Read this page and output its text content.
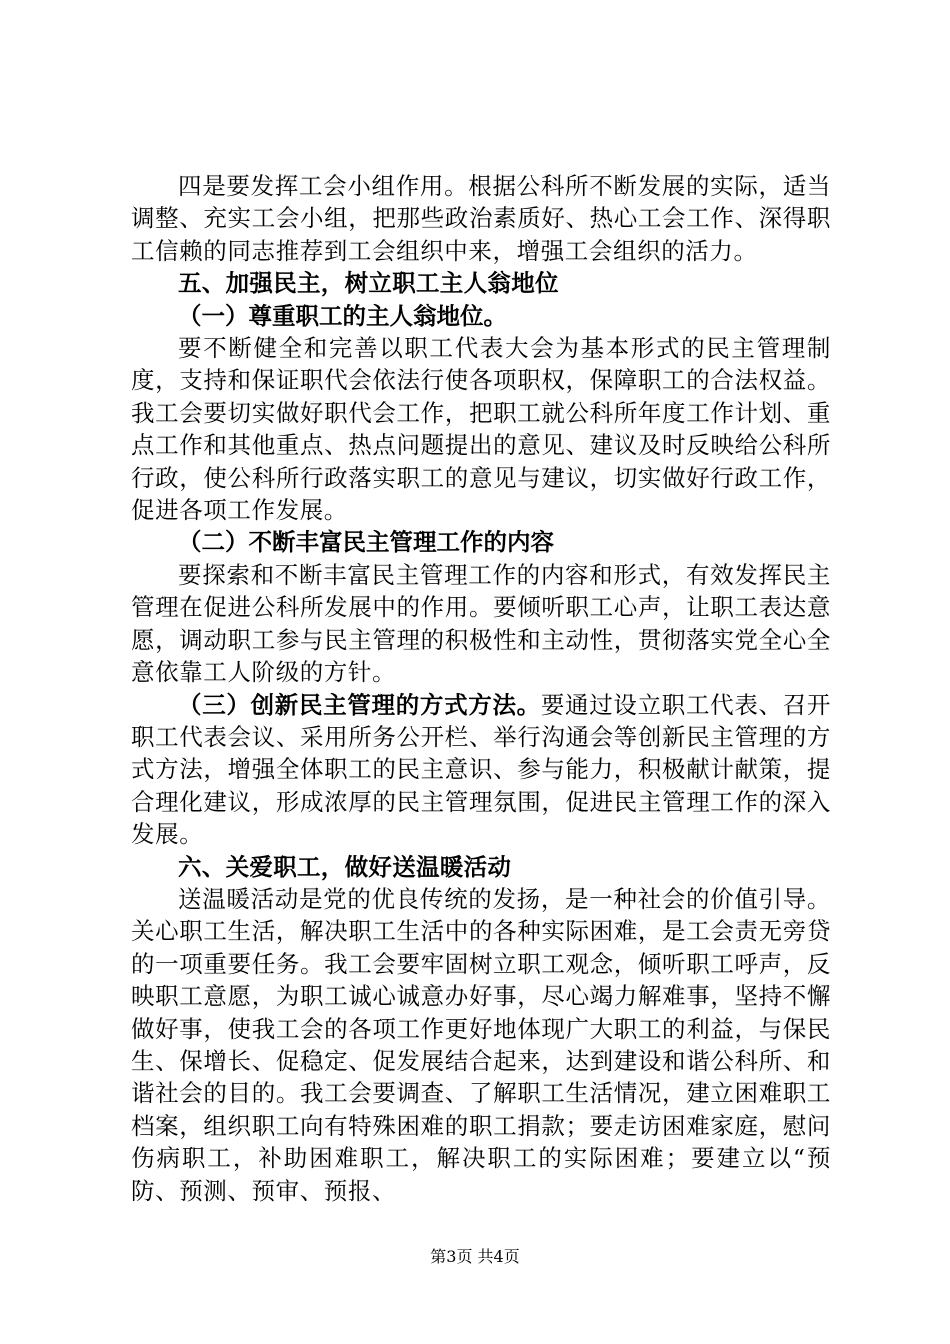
四是要发挥工会小组作用。根据公科所不断发展的实际，适当调整、充实工会小组，把那些政治素质好、热心工会工作、深得职工信赖的同志推荐到工会组织中来，增强工会组织的活力。

五、加强民主，树立职工主人翁地位

（一）尊重职工的主人翁地位。

要不断健全和完善以职工代表大会为基本形式的民主管理制度，支持和保证职代会依法行使各项职权，保障职工的合法权益。我工会要切实做好职代会工作，把职工就公科所年度工作计划、重点工作和其他重点、热点问题提出的意见、建议及时反映给公科所行政，使公科所行政落实职工的意见与建议，切实做好行政工作，促进各项工作发展。

（二）不断丰富民主管理工作的内容

要探索和不断丰富民主管理工作的内容和形式，有效发挥民主管理在促进公科所发展中的作用。要倾听职工心声，让职工表达意愿，调动职工参与民主管理的积极性和主动性，贯彻落实党全心全意依靠工人阶级的方针。

（三）创新民主管理的方式方法。要通过设立职工代表、召开职工代表会议、采用所务公开栏、举行沟通会等创新民主管理的方式方法，增强全体职工的民主意识、参与能力，积极献计献策，提合理化建议，形成浓厚的民主管理氛围，促进民主管理工作的深入发展。

六、关爱职工，做好送温暖活动

送温暖活动是党的优良传统的发扬，是一种社会的价值引导。关心职工生活，解决职工生活中的各种实际困难，是工会责无旁贷的一项重要任务。我工会要牢固树立职工观念，倾听职工呼声，反映职工意愿，为职工诚心诚意办好事，尽心竭力解难事，坚持不懈做好事，使我工会的各项工作更好地体现广大职工的利益，与保民生、保增长、促稳定、促发展结合起来，达到建设和谐公科所、和谐社会的目的。我工会要调查、了解职工生活情况，建立困难职工档案，组织职工向有特殊困难的职工捐款；要走访困难家庭，慰问伤病职工，补助困难职工，解决职工的实际困难；要建立以“预防、预测、预审、预报、

第3页 共4页
